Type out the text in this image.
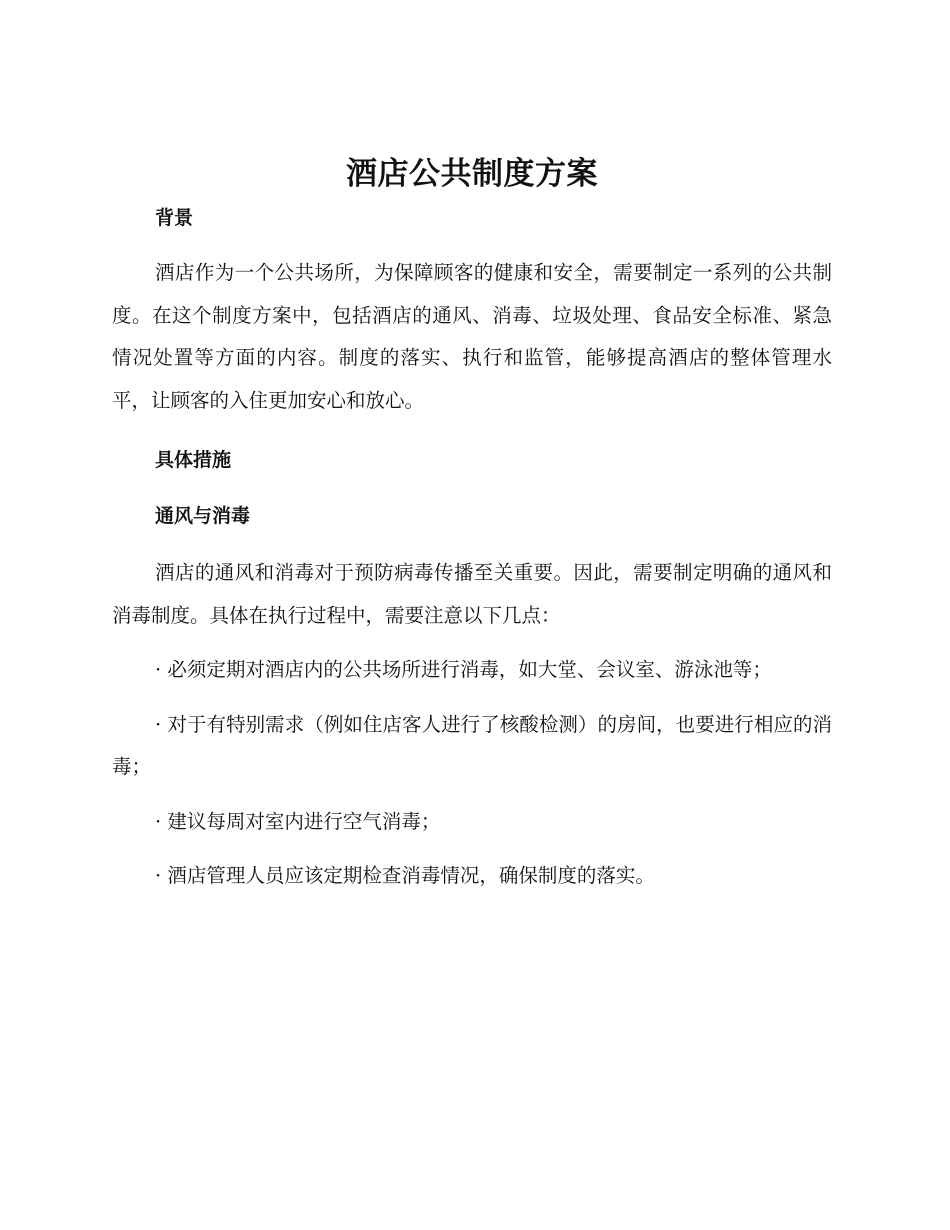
酒店公共制度方案
背景

酒店作为一个公共场所，为保障顾客的健康和安全，需要制定一系列的公共制度。在这个制度方案中，包括酒店的通风、消毒、垃圾处理、食品安全标准、紧急情况处置等方面的内容。制度的落实、执行和监管，能够提高酒店的整体管理水平，让顾客的入住更加安心和放心。

具体措施
通风与消毒

酒店的通风和消毒对于预防病毒传播至关重要。因此，需要制定明确的通风和消毒制度。具体在执行过程中，需要注意以下几点：

· 必须定期对酒店内的公共场所进行消毒，如大堂、会议室、游泳池等；

· 对于有特别需求（例如住店客人进行了核酸检测）的房间，也要进行相应的消毒；

· 建议每周对室内进行空气消毒；

· 酒店管理人员应该定期检查消毒情况，确保制度的落实。
